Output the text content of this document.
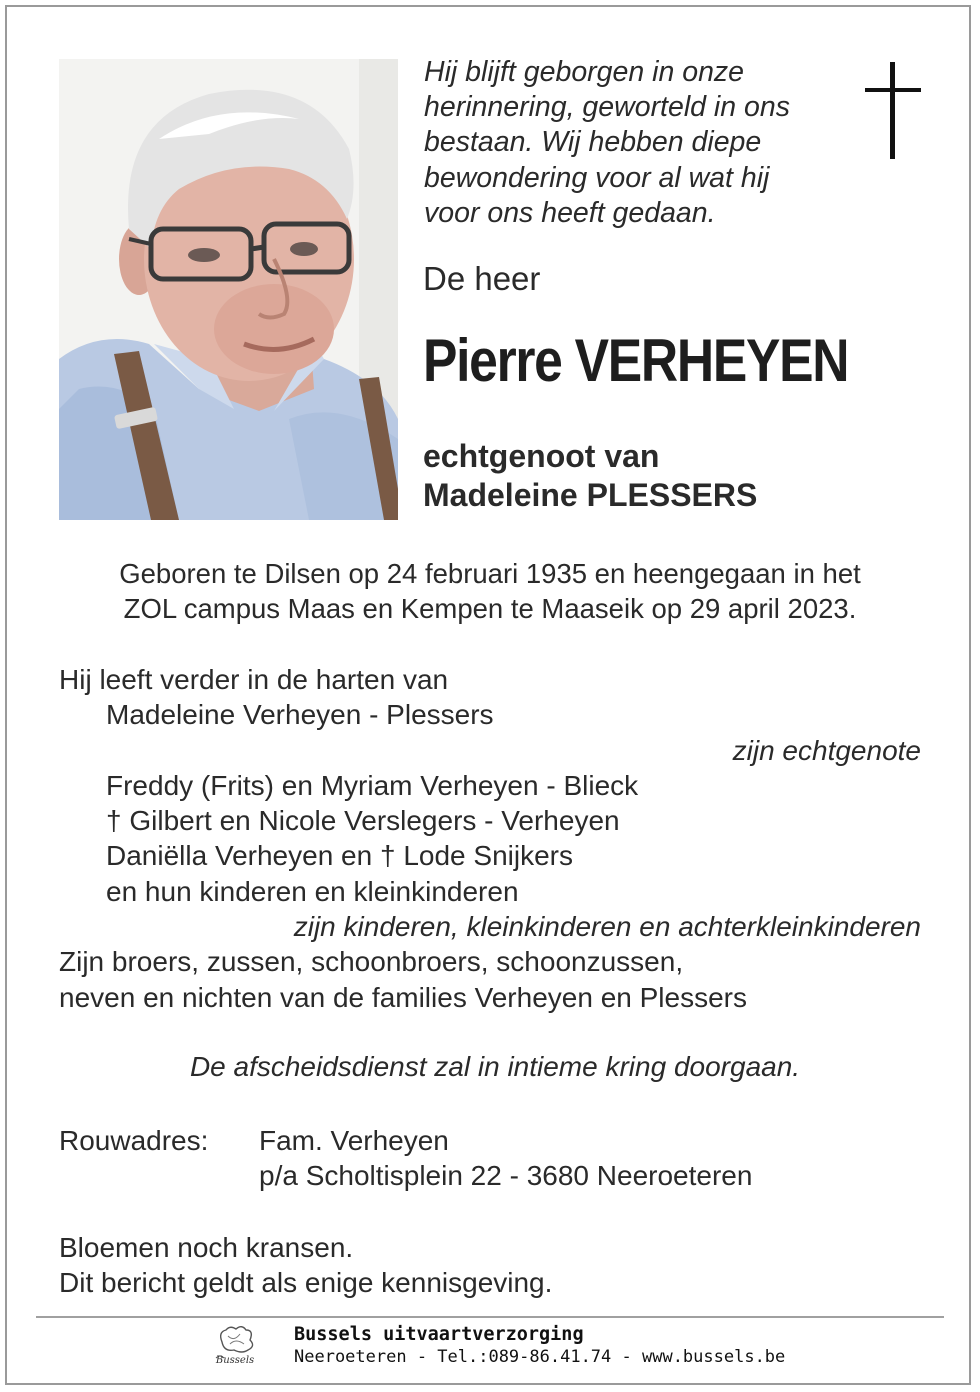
Hij blijft geborgen in onze
herinnering, geworteld in ons
bestaan. Wij hebben diepe
bewondering voor al wat hij
voor ons heeft gedaan.
De heer
Pierre VERHEYEN
echtgenoot van
Madeleine PLESSERS
Geboren te Dilsen op 24 februari 1935 en heengegaan in het
ZOL campus Maas en Kempen te Maaseik op 29 april 2023.
Hij leeft verder in de harten van
Madeleine Verheyen - Plessers
zijn echtgenote
Freddy (Frits) en Myriam Verheyen - Blieck
† Gilbert en Nicole Verslegers - Verheyen
Daniëlla Verheyen en † Lode Snijkers
en hun kinderen en kleinkinderen
zijn kinderen, kleinkinderen en achterkleinkinderen
Zijn broers, zussen, schoonbroers, schoonzussen,
neven en nichten van de families Verheyen en Plessers
De afscheidsdienst zal in intieme kring doorgaan.
Rouwadres: Fam. Verheyen
p/a Scholtisplein 22 - 3680 Neeroeteren
Bloemen noch kransen.
Dit bericht geldt als enige kennisgeving.
Bussels
Bussels uitvaartverzorging
Neeroeteren - Tel.:089-86.41.74 - www.bussels.be
